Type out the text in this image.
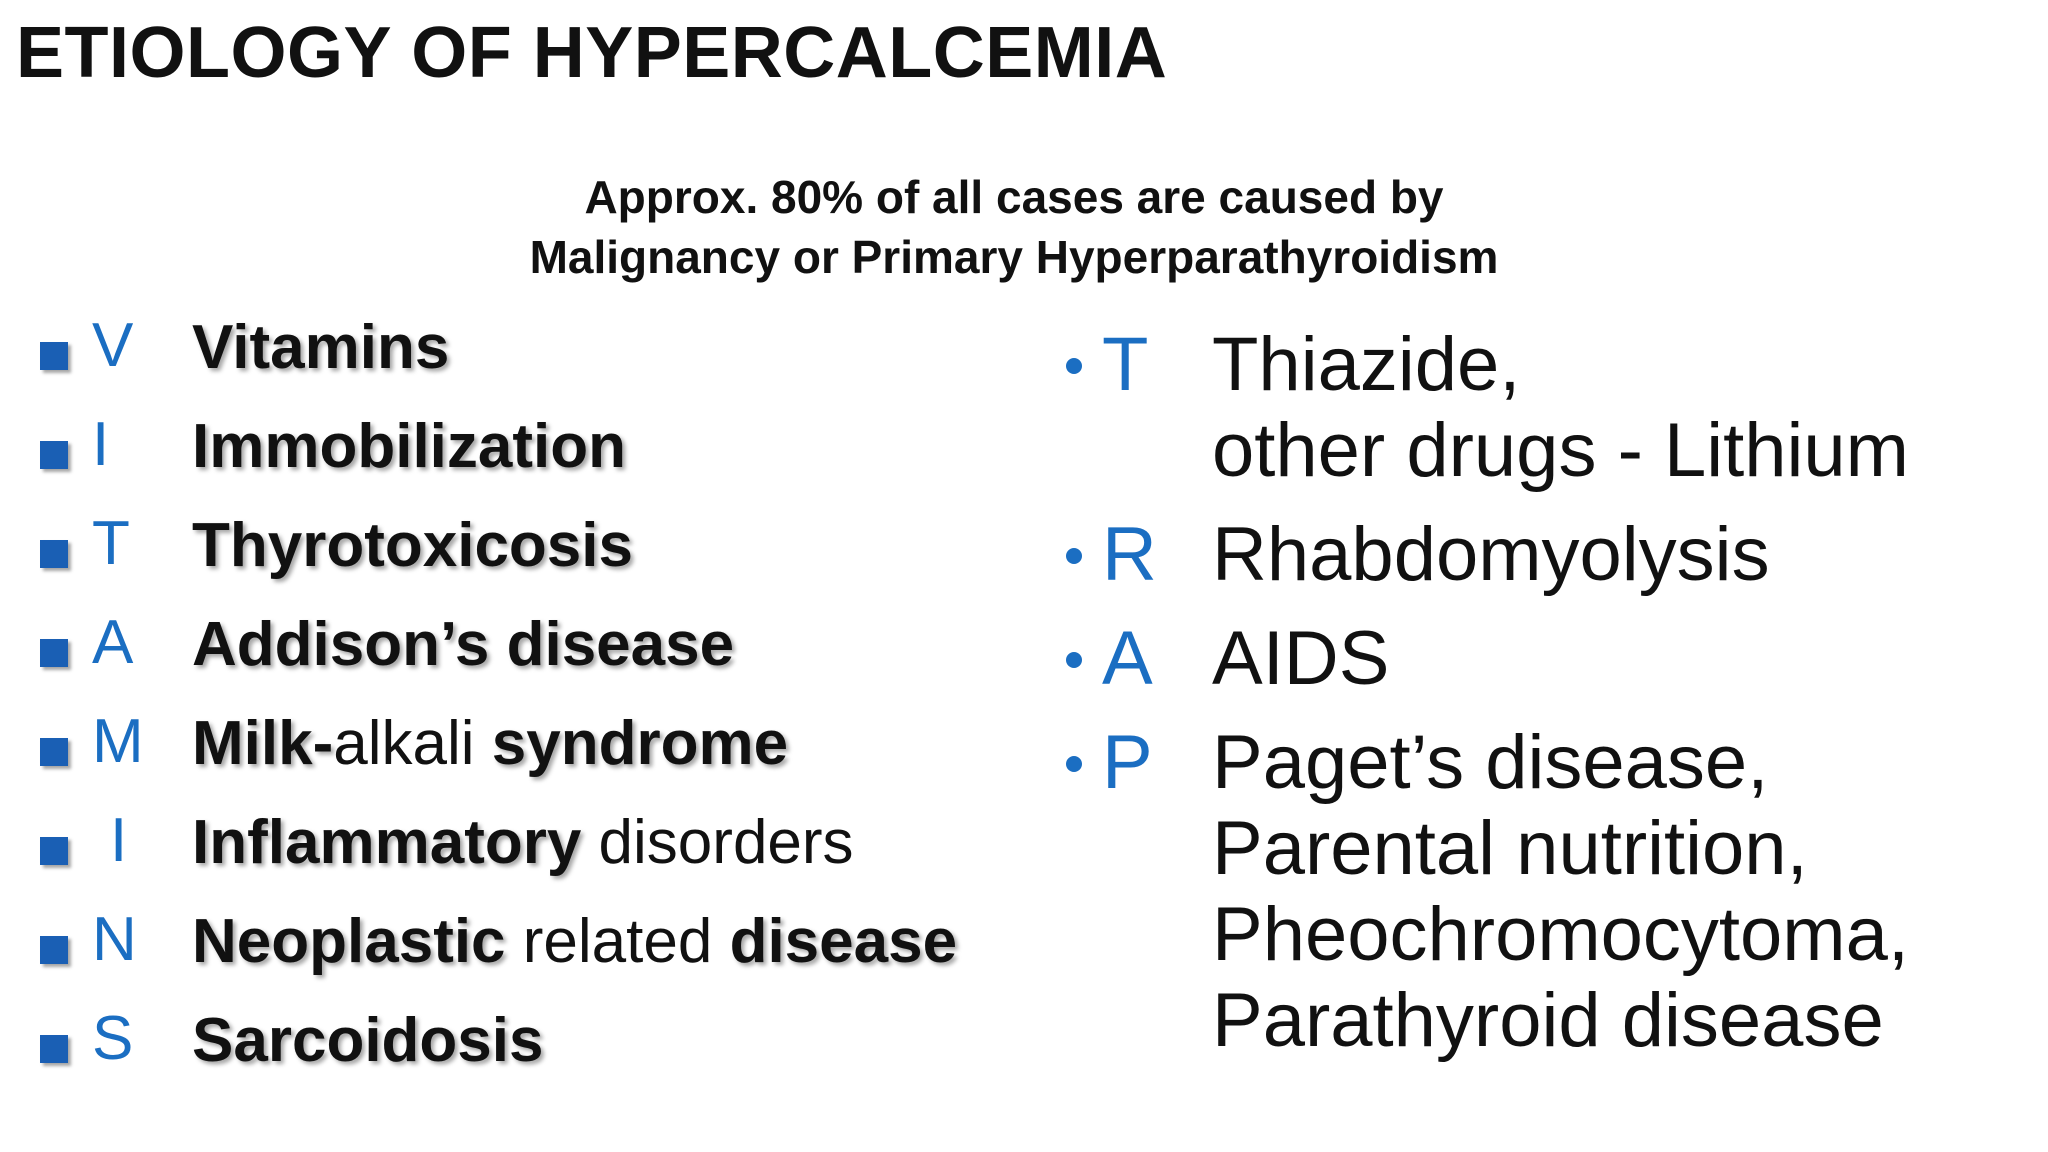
ETIOLOGY OF HYPERCALCEMIA
Approx. 80% of all cases are caused by
Malignancy or Primary Hyperparathyroidism
V Vitamins
I	Immobilization
T	Thyrotoxicosis
A Addison’s disease
M Milk-alkali syndrome
I	Inflammatory disorders
N Neoplastic related disease
S Sarcoidosis
T Thiazide,
other drugs - Lithium
R Rhabdomyolysis
A AIDS
P Paget’s disease,
Parental nutrition,
Pheochromocytoma,
Parathyroid disease
